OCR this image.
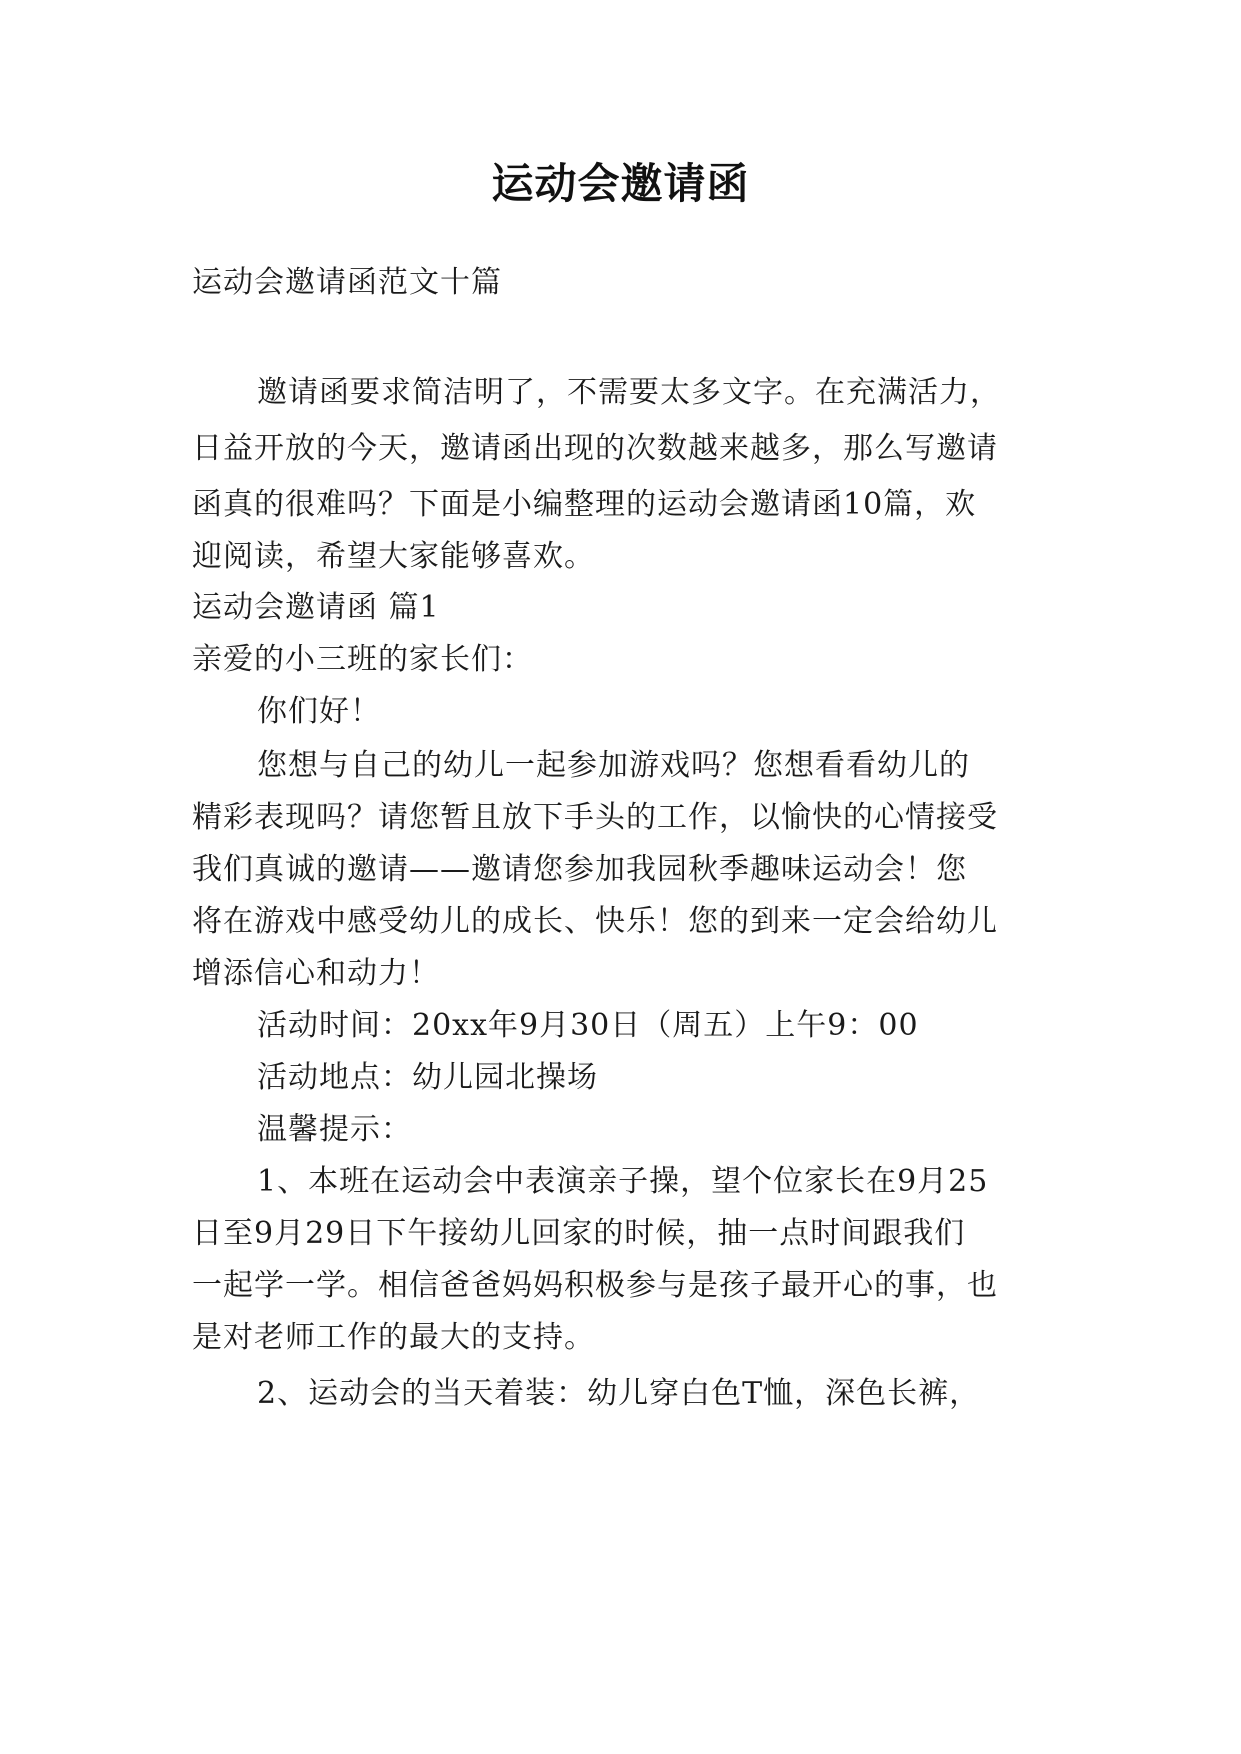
运动会邀请函
运动会邀请函范文十篇
邀请函要求简洁明了，不需要太多文字。在充满活力，
日益开放的今天，邀请函出现的次数越来越多，那么写邀请
函真的很难吗？下面是小编整理的运动会邀请函10篇，欢
迎阅读，希望大家能够喜欢。
运动会邀请函 篇1
亲爱的小三班的家长们：
你们好！
您想与自己的幼儿一起参加游戏吗？您想看看幼儿的
精彩表现吗？请您暂且放下手头的工作，以愉快的心情接受
我们真诚的邀请——邀请您参加我园秋季趣味运动会！您
将在游戏中感受幼儿的成长、快乐！您的到来一定会给幼儿
增添信心和动力！
活动时间：20xx年9月30日（周五）上午9：00
活动地点：幼儿园北操场
温馨提示：
1、本班在运动会中表演亲子操，望个位家长在9月25
日至9月29日下午接幼儿回家的时候，抽一点时间跟我们
一起学一学。相信爸爸妈妈积极参与是孩子最开心的事，也
是对老师工作的最大的支持。
2、运动会的当天着装：幼儿穿白色T恤，深色长裤，
